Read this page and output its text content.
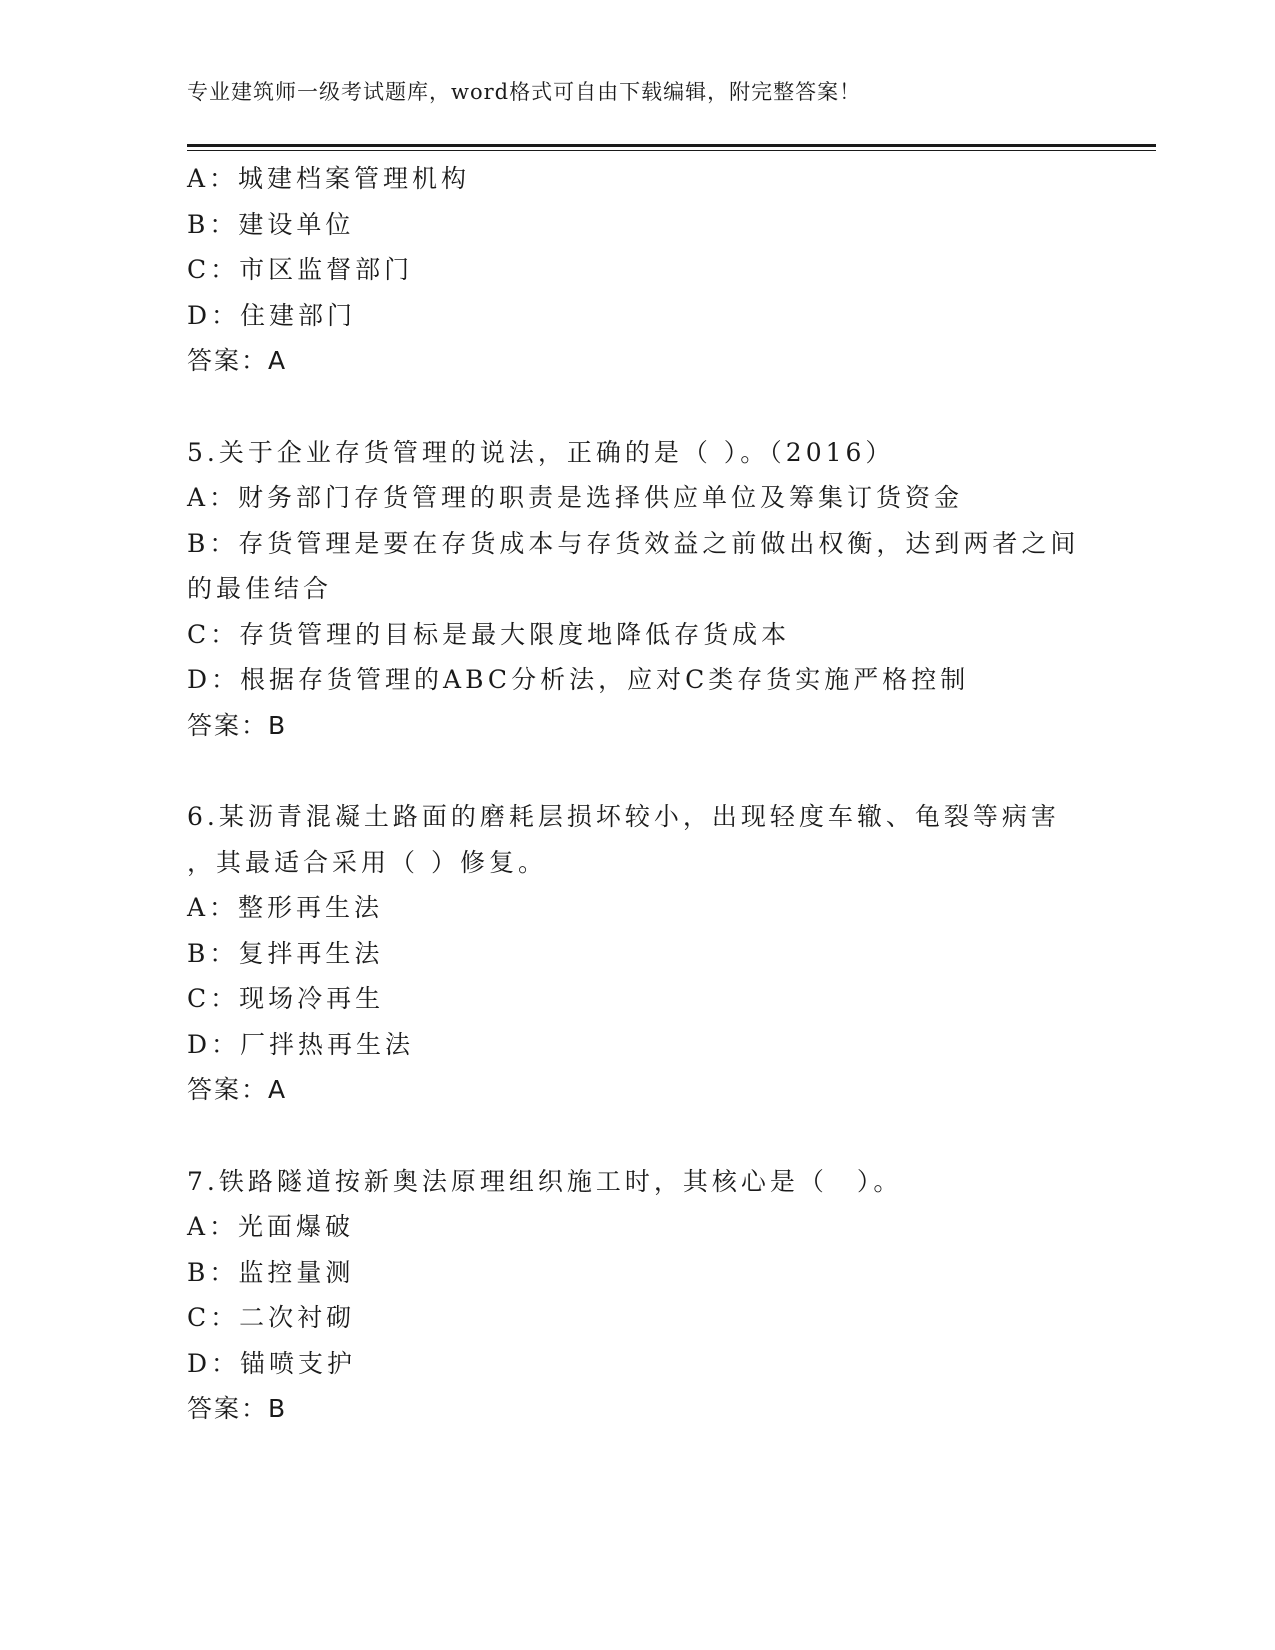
专业建筑师一级考试题库，word格式可自由下载编辑，附完整答案！
A：城建档案管理机构
B：建设单位
C：市区监督部门
D：住建部门
答案：A
5.关于企业存货管理的说法，正确的是（ ）。（2016）
A：财务部门存货管理的职责是选择供应单位及筹集订货资金
B：存货管理是要在存货成本与存货效益之前做出权衡，达到两者之间
的最佳结合
C：存货管理的目标是最大限度地降低存货成本
D：根据存货管理的ABC分析法，应对C类存货实施严格控制
答案：B
6.某沥青混凝土路面的磨耗层损坏较小，出现轻度车辙、龟裂等病害
，其最适合采用（ ）修复。
A：整形再生法
B：复拌再生法
C：现场冷再生
D：厂拌热再生法
答案：A
7.铁路隧道按新奥法原理组织施工时，其核心是（　）。
A：光面爆破
B：监控量测
C：二次衬砌
D：锚喷支护
答案：B
